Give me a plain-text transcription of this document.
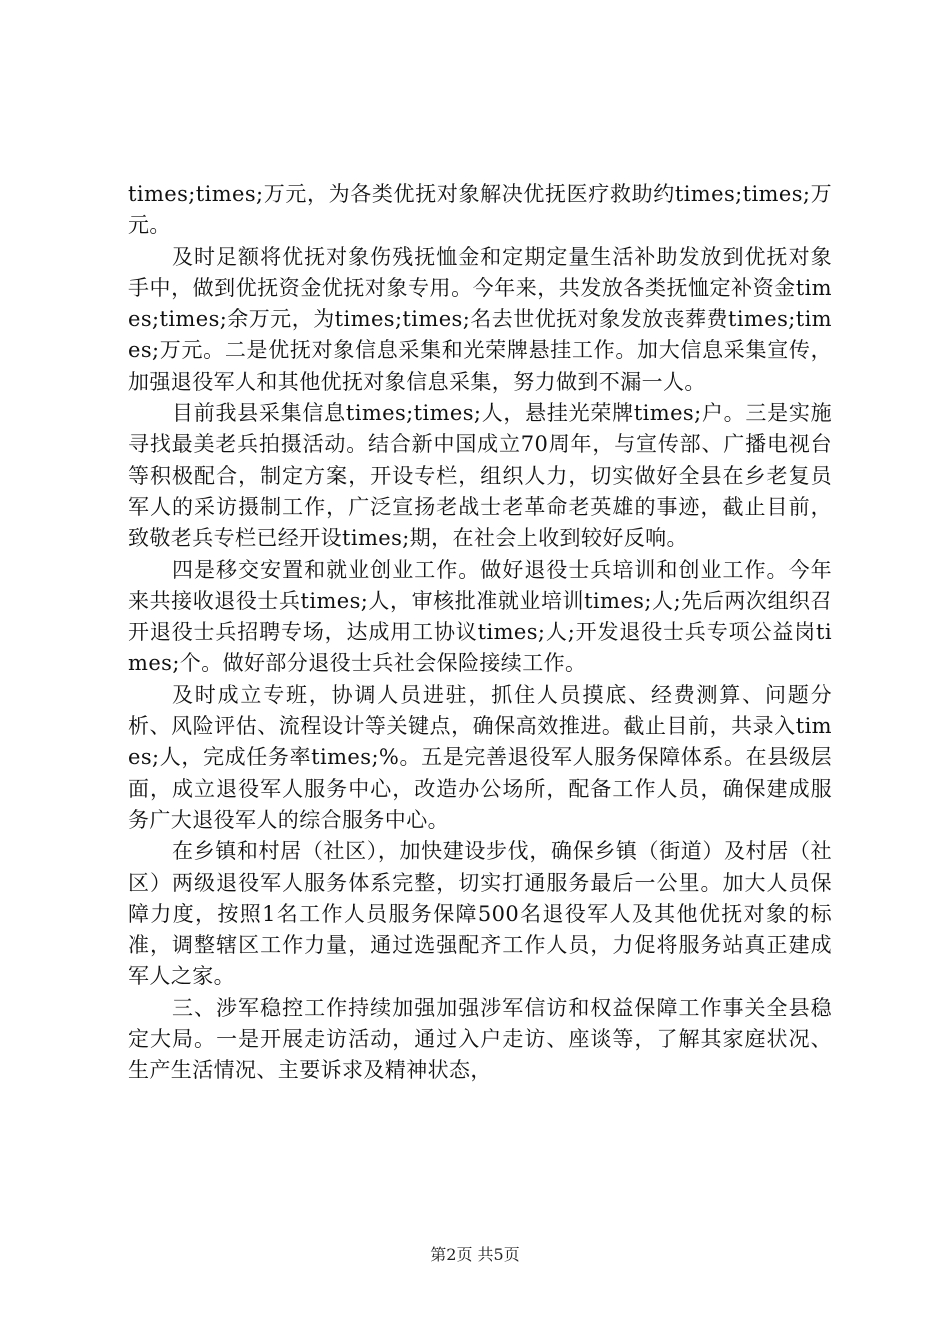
times;times;万元，为各类优抚对象解决优抚医疗救助约times;times;万元。

及时足额将优抚对象伤残抚恤金和定期定量生活补助发放到优抚对象手中，做到优抚资金优抚对象专用。今年来，共发放各类抚恤定补资金times;times;余万元，为times;times;名去世优抚对象发放丧葬费times;times;万元。二是优抚对象信息采集和光荣牌悬挂工作。加大信息采集宣传，加强退役军人和其他优抚对象信息采集，努力做到不漏一人。

目前我县采集信息times;times;人，悬挂光荣牌times;户。三是实施寻找最美老兵拍摄活动。结合新中国成立70周年，与宣传部、广播电视台等积极配合，制定方案，开设专栏，组织人力，切实做好全县在乡老复员军人的采访摄制工作，广泛宣扬老战士老革命老英雄的事迹，截止目前，致敬老兵专栏已经开设times;期，在社会上收到较好反响。

四是移交安置和就业创业工作。做好退役士兵培训和创业工作。今年来共接收退役士兵times;人，审核批准就业培训times;人;先后两次组织召开退役士兵招聘专场，达成用工协议times;人;开发退役士兵专项公益岗times;个。做好部分退役士兵社会保险接续工作。

及时成立专班，协调人员进驻，抓住人员摸底、经费测算、问题分析、风险评估、流程设计等关键点，确保高效推进。截止目前，共录入times;人，完成任务率times;%。五是完善退役军人服务保障体系。在县级层面，成立退役军人服务中心，改造办公场所，配备工作人员，确保建成服务广大退役军人的综合服务中心。

在乡镇和村居（社区），加快建设步伐，确保乡镇（街道）及村居（社区）两级退役军人服务体系完整，切实打通服务最后一公里。加大人员保障力度，按照1名工作人员服务保障500名退役军人及其他优抚对象的标准，调整辖区工作力量，通过选强配齐工作人员，力促将服务站真正建成军人之家。

三、涉军稳控工作持续加强加强涉军信访和权益保障工作事关全县稳定大局。一是开展走访活动，通过入户走访、座谈等，了解其家庭状况、生产生活情况、主要诉求及精神状态，

第2页 共5页
